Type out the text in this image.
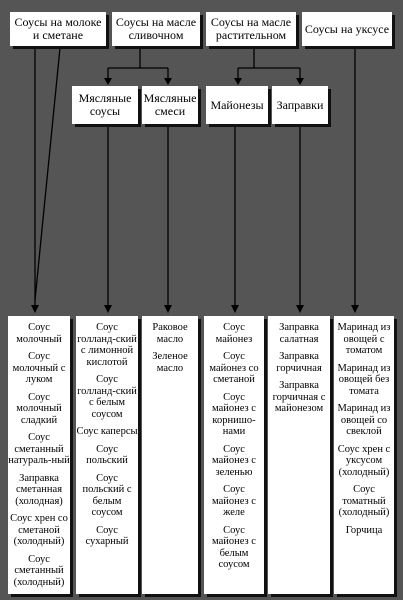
Соусы на молоке и сметане
Соусы на масле сливочном
Соусы на масле растительном	Соусы на уксусе
Мясляные соусы
Мясляные смеси	Майонезы Заправки
Соус молочный
Соус молочный с луком
Соус молочный сладкий
Соус сметанный натураль-ный
Заправка сметанная (холодная)
Соус хрен со сметаной (холодный)
Соус сметанный (холодный)
Соус голланд-ский с лимонной кислотой
Соус голланд-ский с белым соусом
Соус каперсы
Соус польский
Соус польский с белым соусом
Соус сухарный
Раковое масло
Зеленое масло
Соус майонез
Соус майонез со сметаной
Соус майонез с корнишо-нами
Соус майонез с зеленью
Соус майонез с желе
Соус майонез с белым соусом
Заправка салатная
Заправка горчичная
Заправка горчичная с майонезом
Маринад из овощей с томатом
Маринад из овощей без томата
Маринад из овощей со свеклой
Соус хрен с уксусом (холодный)
Соус томатный (холодный)
Горчица
